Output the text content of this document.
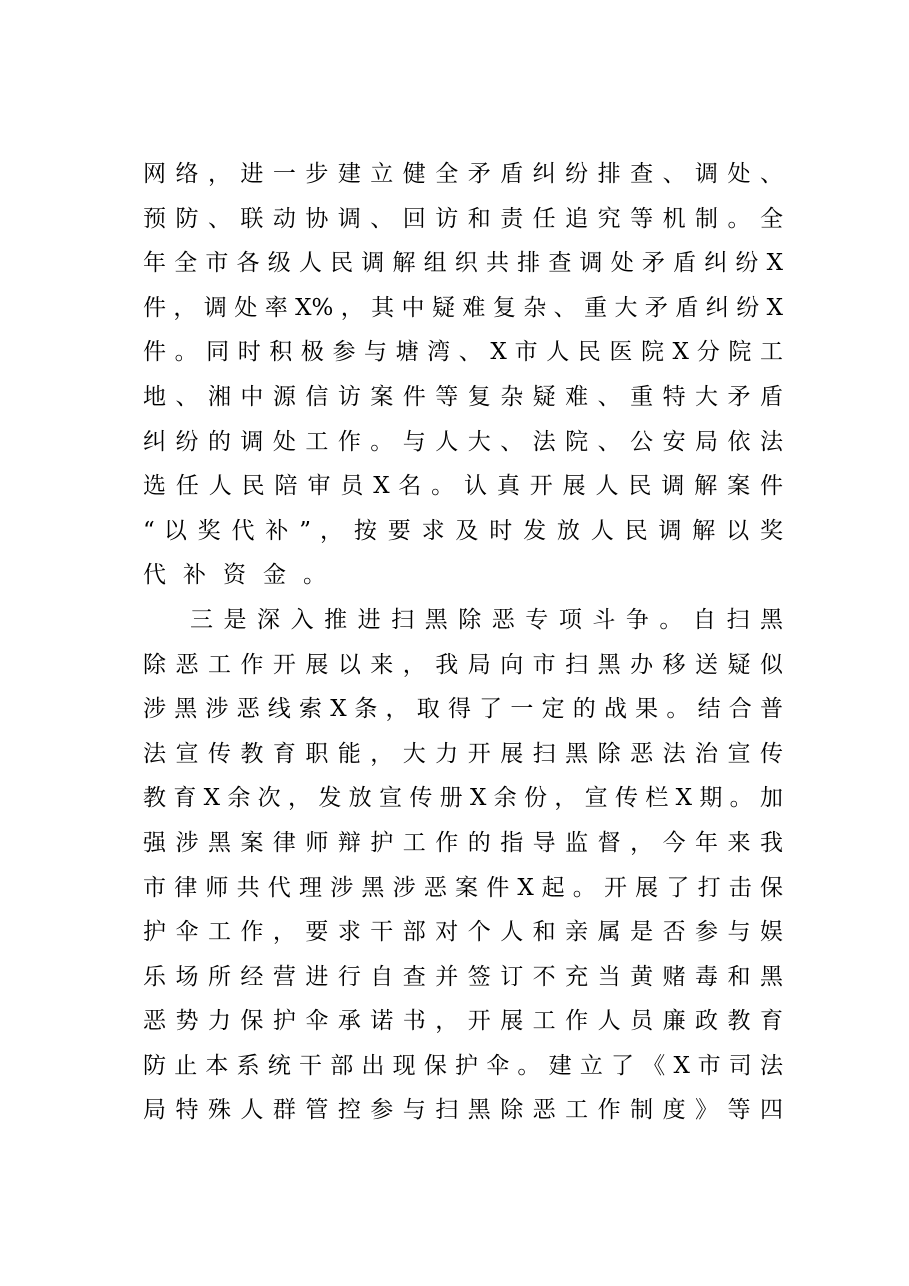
网 络 ， 进 一 步 建 立 健 全 矛 盾 纠 纷 排 查 、 调 处 、
预 防 、 联 动 协 调 、 回 访 和 责 任 追 究 等 机 制 。 全
年 全 市 各 级 人 民 调 解 组 织 共 排 查 调 处 矛 盾 纠 纷 X
件 ， 调 处 率 X% ， 其 中 疑 难 复 杂 、 重 大 矛 盾 纠 纷 X
件 。 同 时 积 极 参 与 塘 湾 、 X 市 人 民 医 院 X 分 院 工
地 、 湘 中 源 信 访 案 件 等 复 杂 疑 难 、 重 特 大 矛 盾
纠 纷 的 调 处 工 作 。 与 人 大 、 法 院 、 公 安 局 依 法
选 任 人 民 陪 审 员 X 名 。 认 真 开 展 人 民 调 解 案 件
“ 以 奖 代 补 ” ， 按 要 求 及 时 发 放 人 民 调 解 以 奖
代补资金。
三 是 深 入 推 进 扫 黑 除 恶 专 项 斗 争 。 自 扫 黑
除 恶 工 作 开 展 以 来 ， 我 局 向 市 扫 黑 办 移 送 疑 似
涉 黑 涉 恶 线 索 X 条 ， 取 得 了 一 定 的 战 果 。 结 合 普
法 宣 传 教 育 职 能 ， 大 力 开 展 扫 黑 除 恶 法 治 宣 传
教 育 X 余 次 ， 发 放 宣 传 册 X 余 份 ， 宣 传 栏 X 期 。 加
强 涉 黑 案 律 师 辩 护 工 作 的 指 导 监 督 ， 今 年 来 我
市 律 师 共 代 理 涉 黑 涉 恶 案 件 X 起 。 开 展 了 打 击 保
护 伞 工 作 ， 要 求 干 部 对 个 人 和 亲 属 是 否 参 与 娱
乐 场 所 经 营 进 行 自 查 并 签 订 不 充 当 黄 赌 毒 和 黑
恶 势 力 保 护 伞 承 诺 书 ， 开 展 工 作 人 员 廉 政 教 育
防 止 本 系 统 干 部 出 现 保 护 伞 。 建 立 了 《 X 市 司 法
局 特 殊 人 群 管 控 参 与 扫 黑 除 恶 工 作 制 度 》 等 四
